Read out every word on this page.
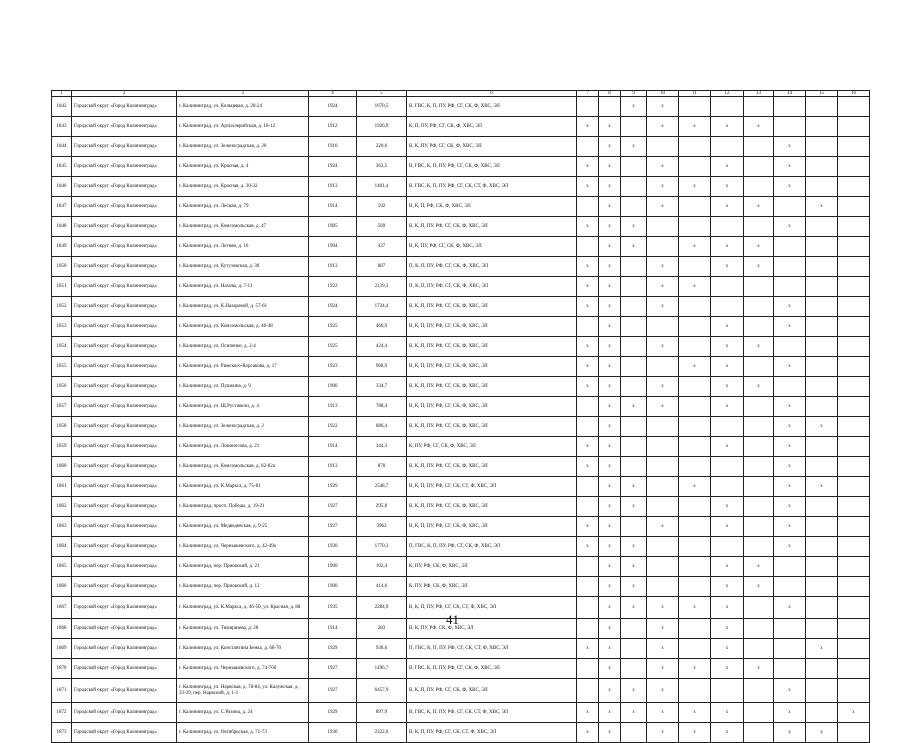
1	2	3	4	5	6	7	8	9	10	11	12	13	14	15	16	
1842	Городской округ «Город Калининград»	г. Калининград, ул. Кольцевая, д. 20-24	1924	1670,5	В, ГВС, К, П, ПУ, РФ, СГ, СК, Ф, ХВС, ЭЛ			x	x									
1843	Городской округ «Город Калининград»	г. Калининград, ул. Артиллерийская, д. 10-12	1912	1926,9	К, П, ПУ, РФ, СГ, СК, Ф, ХВС, ЭЛ	x	x		x	x	x	x						
1844	Городской округ «Город Калининград»	г. Калининград, ул. Зеленоградская, д. 20	1910	220,6	В, К, ПУ, РФ, СГ, СК, Ф, ХВС, ЭЛ		x	x					x					
1845	Городской округ «Город Калининград»	г. Калининград, ул. Красная, д. 4	1924	363,5	В, ГВС, К, П, ПУ, РФ, СГ, СК, Ф, ХВС, ЭЛ	x	x		x		x		x					
1846	Городской округ «Город Калининград»	г. Калининград, ул. Красная, д. 30-32	1913	1401,4	В, ГВС, К, П, ПУ, РФ, СГ, СК, СТ, Ф, ХВС, ЭЛ	x	x		x	x	x		x					
1847	Городской округ «Город Калининград»	г. Калининград, ул. Лесная, д. 79	1914	192	В, К, П, РФ, СК, Ф, ХВС, ЭЛ		x		x		x	x		x				
1848	Городской округ «Город Калининград»	г. Калининград, ул. Комсомольская, д. 47	1905	569	В, К, П, ПУ, РФ, СГ, СК, Ф, ХВС, ЭЛ	x	x	x					x					
1849	Городской округ «Город Калининград»	г. Калининград, ул. Летняя, д. 16	1904	437	В, К, ПУ, РФ, СГ, СК, Ф, ХВС, ЭЛ		x	x		x	x	x						
1850	Городской округ «Город Калининград»	г. Калининград, ул. Кутузовская, д. 30	1913	887	П, К, П, ПУ, РФ, СГ, СК, Ф, ХВС, ЭЛ	x	x		x		x	x						
1851	Городской округ «Город Калининград»	г. Калининград, ул. Нахова, д. 7-11	1922	2139,3	П, К, П, ПУ, РФ, СГ, СК, Ф, ХВС, ЭЛ	x	x		x	x								
1852	Городской округ «Город Калининград»	г. Калининград, ул. К.Назаровой, д. 57-61	1924	1734,4	В, К, П, ПУ, РФ, СГ, СК, Ф, ХВС, ЭЛ	x	x		x				x					
1853	Городской округ «Город Калининград»	г. Калининград, ул. Комсомольская, д. 46-48	1925	466,9	В, К, П, ПУ, РФ, СГ, СК, Ф, ХВС, ЭЛ		x				x		x					
1854	Городской округ «Город Калининград»	г. Калининград, ул. Осипенко, д. 2-4	1925	424,4	В, К, П, ПУ, РФ, СГ, СК, Ф, ХВС, ЭЛ	x	x		x		x	x						
1855	Городской округ «Город Калининград»	г. Калининград, ул. Римского-Корсакова, д. 17	1923	968,9	В, К, П, ПУ, РФ, СГ, СК, Ф, ХВС, ЭЛ	x	x			x	x		x					
1856	Городской округ «Город Калининград»	г. Калининград, ул. Пушкина, д. 9	1906	334,7	В, К, П, ПУ, РФ, СГ, СК, Ф, ХВС, ЭЛ	x	x		x		x	x						
1857	Городской округ «Город Калининград»	г. Калининград, ул. Щ.Руставели, д. 4	1913	788,4	В, К, П, ПУ, РФ, СГ, СК, Ф, ХВС, ЭЛ		x	x	x		x		x					
1858	Городской округ «Город Калининград»	г. Калининград, ул. Зеленоградская, д. 2	1922	686,4	В, К, П, ПУ, РФ, СГ, СК, Ф, ХВС, ЭЛ		x						x	x				
1859	Городской округ «Город Калининград»	г. Калининград, ул. Ломоносова, д. 21	1914	344,3	К, ПУ, РФ, СГ, СК, Ф, ХВС, ЭЛ	x	x				x		x					
1860	Городской округ «Город Калининград»	г. Калининград, ул. Комсомольская, д. 82-82а	1913	870	В, К, П, ПУ, РФ, СГ, СК, Ф, ХВС, ЭЛ	x	x						x					
1861	Городской округ «Город Калининград»	г. Калининград, ул. К.Маркса, д. 75-81	1929	2548,7	В, К, П, ПУ, РФ, СГ, СК, СТ, Ф, ХВС, ЭЛ		x	x		x			x	x				
1862	Городской округ «Город Калининград»	г. Калининград, просп. Победы, д. 19-21	1927	295,8	В, К, П, ПУ, РФ, СГ, СК, Ф, ХВС, ЭЛ		x	x			x		x					
1863	Городской округ «Город Калининград»	г. Калининград, ул. Медведевская, д. 9-25	1927	3962	В, К, П, ПУ, РФ, СГ, СК, Ф, ХВС, ЭЛ	x	x		x		x		x					
1864	Городской округ «Город Калининград»	г. Калининград, ул. Чернышевского, д. 42-49а	1930	1770,3	П, ГВС, К, П, ПУ, РФ, СГ, СК, Ф, ХВС, ЭЛ	x	x	x					x					
1865	Городской округ «Город Калининград»	г. Калининград, пер. Приокский, д. 21	1900	102,4	К, ПУ, РФ, СК, Ф, ХВС, ЭЛ		x	x			x	x						
1866	Городской округ «Город Калининград»	г. Калининград, пер. Приокский, д. 12	1900	414,6	К, ПУ, РФ, СК, Ф, ХВС, ЭЛ		x	x			x	x						
1867	Городской округ «Город Калининград»	г. Калининград, ул. К.Маркса, д. 46-50, ул. Красная, д. 88	1935	2284,9	В, К, П, ПУ, РФ, СГ, СК, СТ, Ф, ХВС, ЭЛ		x	x	x	x	x		x					
1868	Городской округ «Город Калининград»	г. Калининград, ул. Тимирязева, д. 28	1914	283	В, К, ПУ, РФ, СК, Ф, ХВС, ЭЛ		x		x		x							
1869	Городской округ «Город Калининград»	г. Калининград, ул. Константина Бенка, д. 68-70	1929	938,6	П, ГВС, К, П, ПУ, РФ, СГ, СК, СТ, Ф, ХВС, ЭЛ	x	x		x		x			x				
1870	Городской округ «Город Калининград»	г. Калининград, ул. Чернышевского, д. 74-76б	1927	1496,7	В, ГВС, К, П, ПУ, РФ, СГ, СК, Ф, ХВС, ЭЛ		x		x	x	x	x						
1871	Городской округ «Город Калининград»	г. Калининград, ул. Нарвская, д. 78-84, ул. Калужская, д. 33-39, пер. Нарвский, д. 1-3	1927	6457,9	В, К, П, ПУ, РФ, СГ, СК, Ф, ХВС, ЭЛ		x	x	x				x					
1872	Городской округ «Город Калининград»	г. Калининград, ул. С.Разина, д. 24	1929	897,9	В, ГВС, К, П, ПУ, РФ, СГ, СК, СТ, Ф, ХВС, ЭЛ	x	x	x	x	x	x		x		x			
1873	Городской округ «Город Калининград»	г. Калининград, ул. Октябрьская, д. 71-73	1936	2322,6	В, К, П, ПУ, РФ, СГ, СК, СТ, Ф, ХВС, ЭЛ	x	x		x	x	x		x	x				
41
